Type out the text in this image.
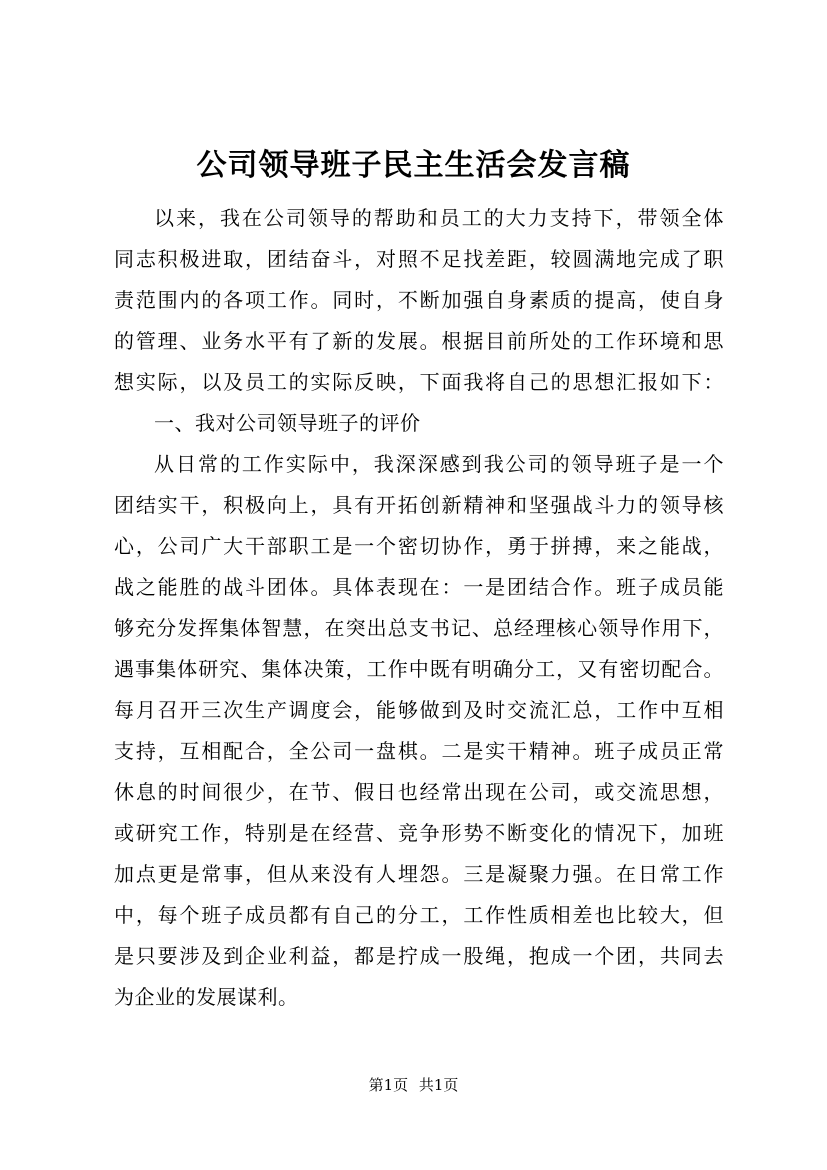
公司领导班子民主生活会发言稿
以来，我在公司领导的帮助和员工的大力支持下，带领全体
同志积极进取，团结奋斗，对照不足找差距，较圆满地完成了职
责范围内的各项工作。同时，不断加强自身素质的提高，使自身
的管理、业务水平有了新的发展。根据目前所处的工作环境和思
想实际，以及员工的实际反映，下面我将自己的思想汇报如下：
一、我对公司领导班子的评价
从日常的工作实际中，我深深感到我公司的领导班子是一个
团结实干，积极向上，具有开拓创新精神和坚强战斗力的领导核
心，公司广大干部职工是一个密切协作，勇于拼搏，来之能战，
战之能胜的战斗团体。具体表现在：一是团结合作。班子成员能
够充分发挥集体智慧，在突出总支书记、总经理核心领导作用下，
遇事集体研究、集体决策，工作中既有明确分工，又有密切配合。
每月召开三次生产调度会，能够做到及时交流汇总，工作中互相
支持，互相配合，全公司一盘棋。二是实干精神。班子成员正常
休息的时间很少，在节、假日也经常出现在公司，或交流思想，
或研究工作，特别是在经营、竞争形势不断变化的情况下，加班
加点更是常事，但从来没有人埋怨。三是凝聚力强。在日常工作
中，每个班子成员都有自己的分工，工作性质相差也比较大，但
是只要涉及到企业利益，都是拧成一股绳，抱成一个团，共同去
为企业的发展谋利。
第1页 共1页
